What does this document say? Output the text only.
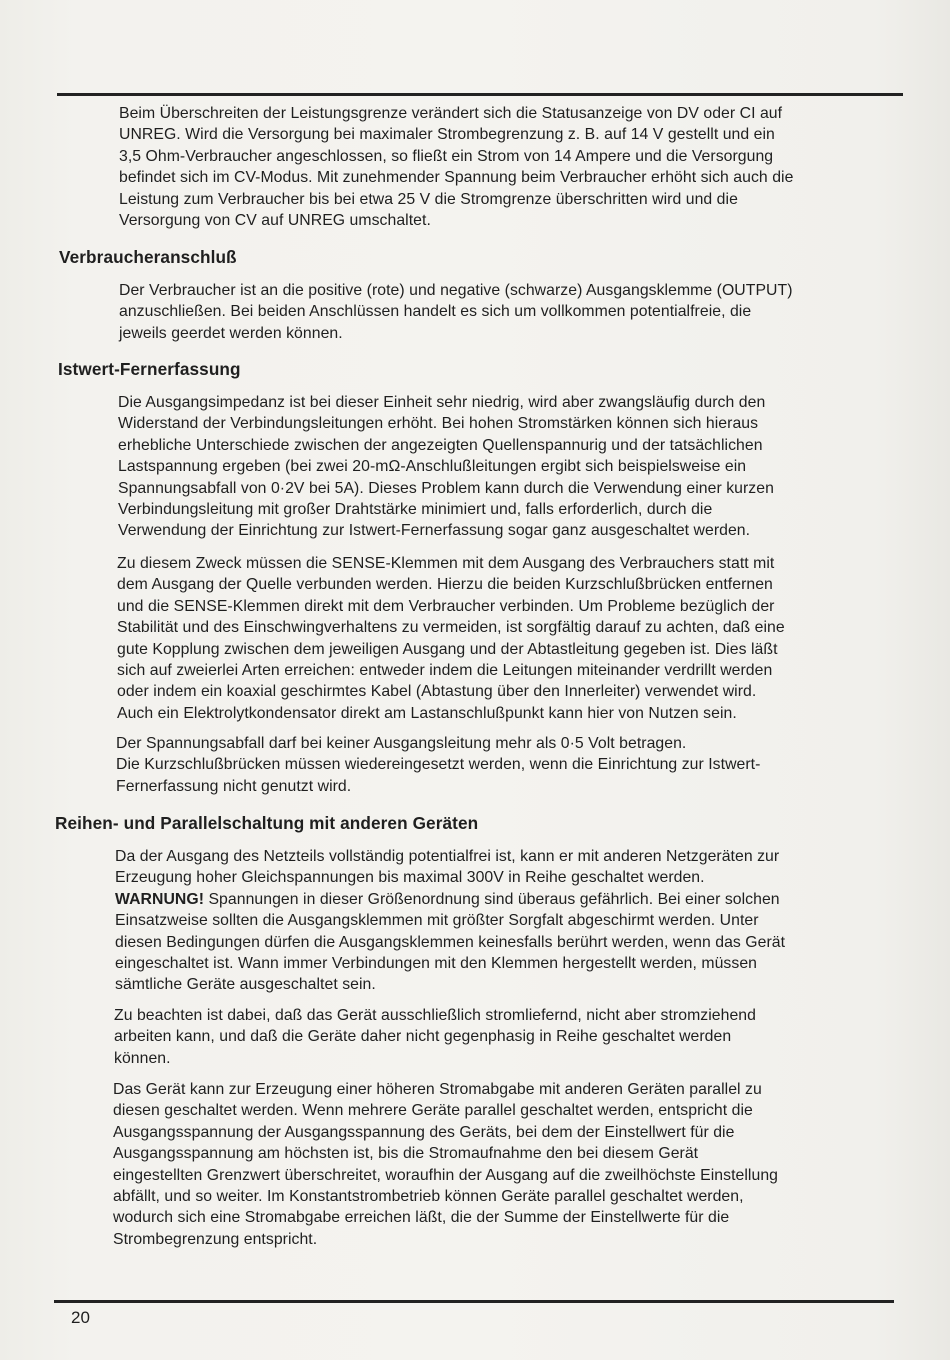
Beim Überschreiten der Leistungsgrenze verändert sich die Statusanzeige von DV oder CI auf
UNREG. Wird die Versorgung bei maximaler Strombegrenzung z. B. auf 14 V gestellt und ein
3,5 Ohm-Verbraucher angeschlossen, so fließt ein Strom von 14 Ampere und die Versorgung
befindet sich im CV-Modus. Mit zunehmender Spannung beim Verbraucher erhöht sich auch die
Leistung zum Verbraucher bis bei etwa 25 V die Stromgrenze überschritten wird und die
Versorgung von CV auf UNREG umschaltet.

Verbraucheranschluß

Der Verbraucher ist an die positive (rote) und negative (schwarze) Ausgangsklemme (OUTPUT)
anzuschließen. Bei beiden Anschlüssen handelt es sich um vollkommen potentialfreie, die
jeweils geerdet werden können.

Istwert-Fernerfassung

Die Ausgangsimpedanz ist bei dieser Einheit sehr niedrig, wird aber zwangsläufig durch den
Widerstand der Verbindungsleitungen erhöht. Bei hohen Stromstärken können sich hieraus
erhebliche Unterschiede zwischen der angezeigten Quellenspannurig und der tatsächlichen
Lastspannung ergeben (bei zwei 20-mΩ-Anschlußleitungen ergibt sich beispielsweise ein
Spannungsabfall von 0·2V bei 5A). Dieses Problem kann durch die Verwendung einer kurzen
Verbindungsleitung mit großer Drahtstärke minimiert und, falls erforderlich, durch die
Verwendung der Einrichtung zur Istwert-Fernerfassung sogar ganz ausgeschaltet werden.

Zu diesem Zweck müssen die SENSE-Klemmen mit dem Ausgang des Verbrauchers statt mit
dem Ausgang der Quelle verbunden werden. Hierzu die beiden Kurzschlußbrücken entfernen
und die SENSE-Klemmen direkt mit dem Verbraucher verbinden. Um Probleme bezüglich der
Stabilität und des Einschwingverhaltens zu vermeiden, ist sorgfältig darauf zu achten, daß eine
gute Kopplung zwischen dem jeweiligen Ausgang und der Abtastleitung gegeben ist. Dies läßt
sich auf zweierlei Arten erreichen: entweder indem die Leitungen miteinander verdrillt werden
oder indem ein koaxial geschirmtes Kabel (Abtastung über den Innerleiter) verwendet wird.
Auch ein Elektrolytkondensator direkt am Lastanschlußpunkt kann hier von Nutzen sein.

Der Spannungsabfall darf bei keiner Ausgangsleitung mehr als 0·5 Volt betragen.
Die Kurzschlußbrücken müssen wiedereingesetzt werden, wenn die Einrichtung zur Istwert-
Fernerfassung nicht genutzt wird.

Reihen- und Parallelschaltung mit anderen Geräten

Da der Ausgang des Netzteils vollständig potentialfrei ist, kann er mit anderen Netzgeräten zur
Erzeugung hoher Gleichspannungen bis maximal 300V in Reihe geschaltet werden.
WARNUNG! Spannungen in dieser Größenordnung sind überaus gefährlich. Bei einer solchen
Einsatzweise sollten die Ausgangsklemmen mit größter Sorgfalt abgeschirmt werden. Unter
diesen Bedingungen dürfen die Ausgangsklemmen keinesfalls berührt werden, wenn das Gerät
eingeschaltet ist. Wann immer Verbindungen mit den Klemmen hergestellt werden, müssen
sämtliche Geräte ausgeschaltet sein.

Zu beachten ist dabei, daß das Gerät ausschließlich stromliefernd, nicht aber stromziehend
arbeiten kann, und daß die Geräte daher nicht gegenphasig in Reihe geschaltet werden
können.

Das Gerät kann zur Erzeugung einer höheren Stromabgabe mit anderen Geräten parallel zu
diesen geschaltet werden. Wenn mehrere Geräte parallel geschaltet werden, entspricht die
Ausgangsspannung der Ausgangsspannung des Geräts, bei dem der Einstellwert für die
Ausgangsspannung am höchsten ist, bis die Stromaufnahme den bei diesem Gerät
eingestellten Grenzwert überschreitet, woraufhin der Ausgang auf die zweilhöchste Einstellung
abfällt, und so weiter. Im Konstantstrombetrieb können Geräte parallel geschaltet werden,
wodurch sich eine Stromabgabe erreichen läßt, die der Summe der Einstellwerte für die
Strombegrenzung entspricht.

20
